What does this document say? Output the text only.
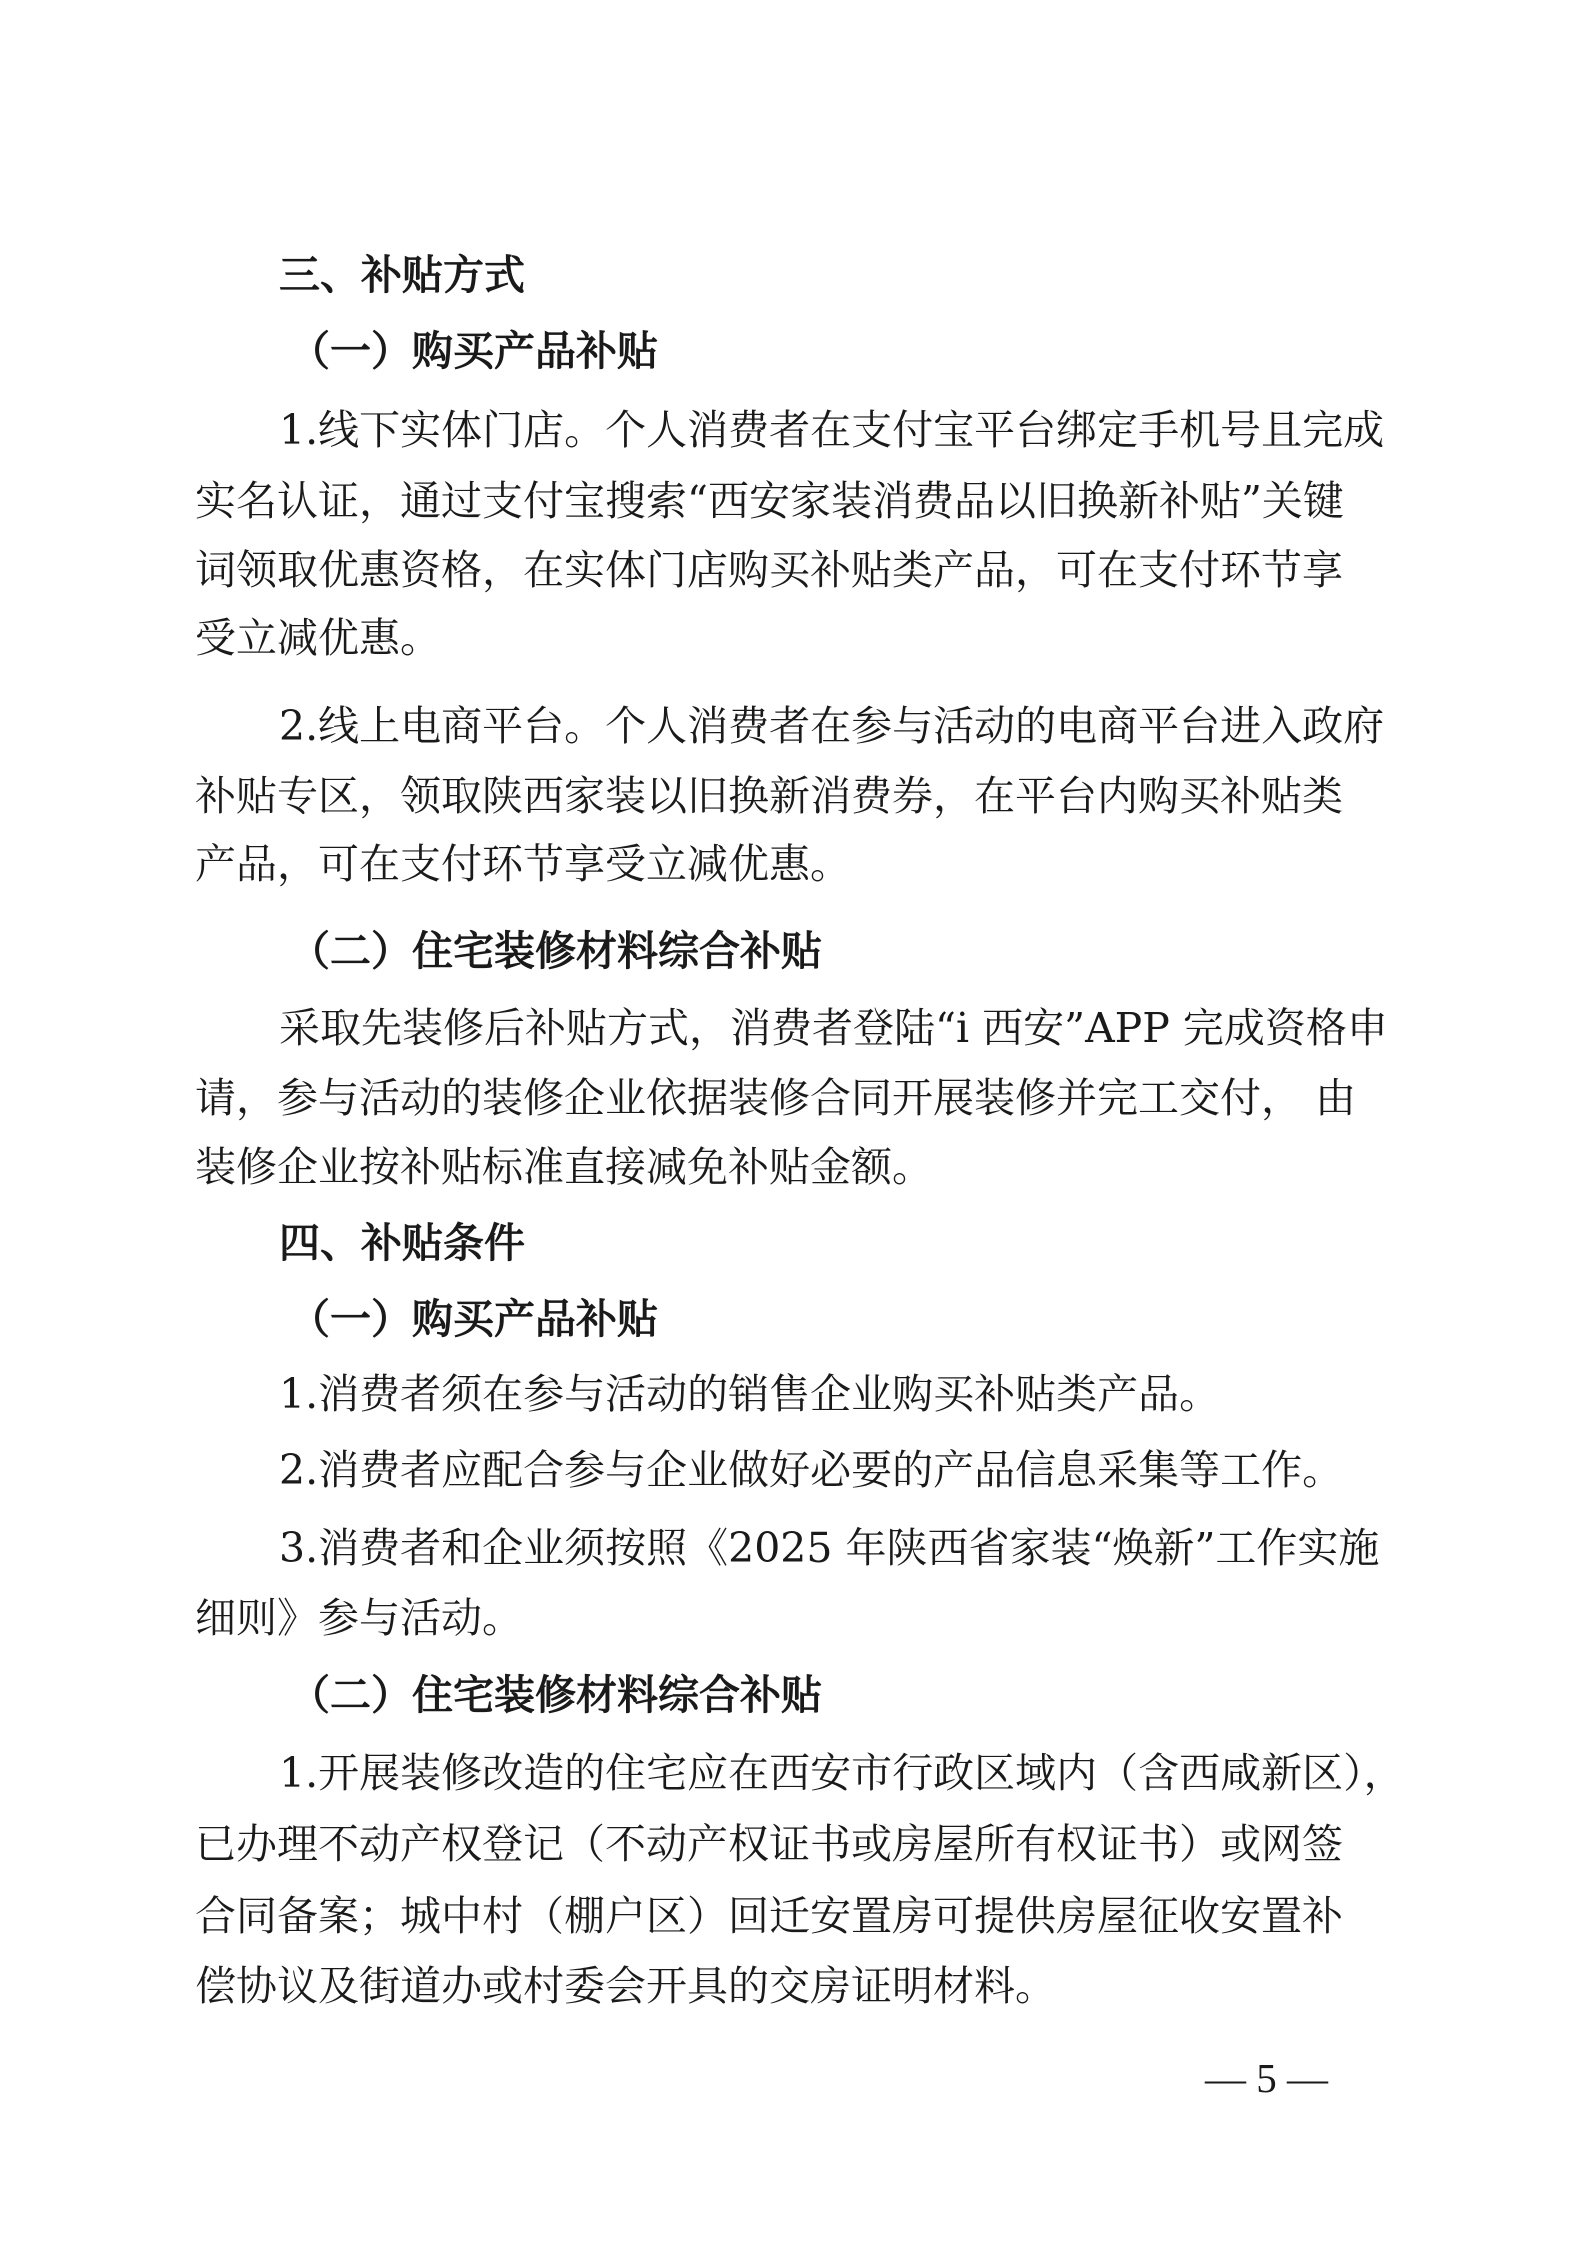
三、补贴方式
（一）购买产品补贴
1.线下实体门店。个人消费者在支付宝平台绑定手机号且完成
实名认证，通过支付宝搜索“西安家装消费品以旧换新补贴”关键
词领取优惠资格，在实体门店购买补贴类产品，可在支付环节享
受立减优惠。
2.线上电商平台。个人消费者在参与活动的电商平台进入政府
补贴专区，领取陕西家装以旧换新消费券，在平台内购买补贴类
产品，可在支付环节享受立减优惠。
（二）住宅装修材料综合补贴
采取先装修后补贴方式，消费者登陆“i 西安”APP 完成资格申
请，参与活动的装修企业依据装修合同开展装修并完工交付， 由
装修企业按补贴标准直接减免补贴金额。
四、补贴条件
（一）购买产品补贴
1.消费者须在参与活动的销售企业购买补贴类产品。
2.消费者应配合参与企业做好必要的产品信息采集等工作。
3.消费者和企业须按照《2025 年陕西省家装“焕新”工作实施
细则》参与活动。
（二）住宅装修材料综合补贴
1.开展装修改造的住宅应在西安市行政区域内（含西咸新区），
已办理不动产权登记（不动产权证书或房屋所有权证书）或网签
合同备案；城中村（棚户区）回迁安置房可提供房屋征收安置补
偿协议及街道办或村委会开具的交房证明材料。
— 5 —
